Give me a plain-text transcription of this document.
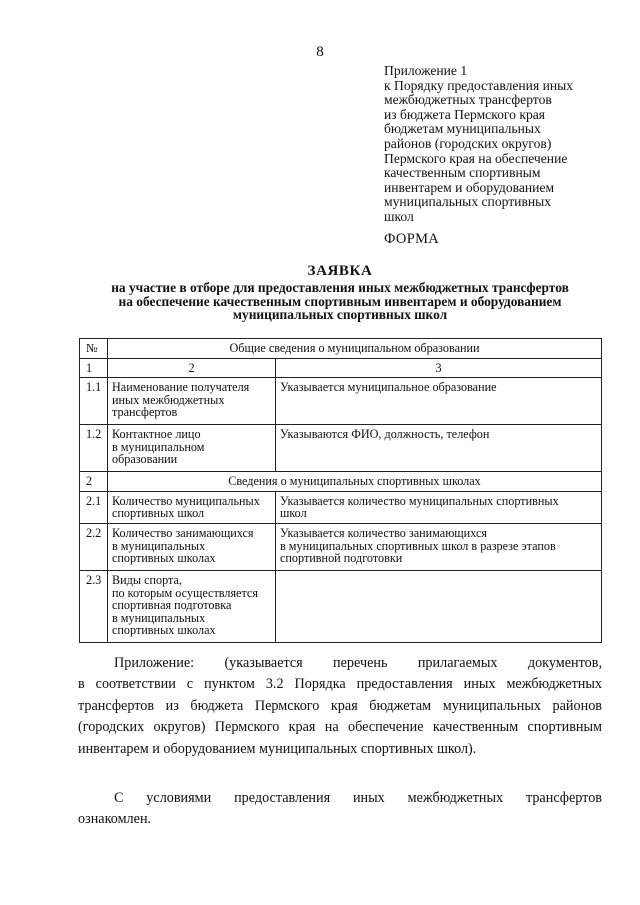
8
Приложение 1
к Порядку предоставления иных
межбюджетных трансфертов
из бюджета Пермского края
бюджетам муниципальных
районов (городских округов)
Пермского края на обеспечение
качественным спортивным
инвентарем и оборудованием
муниципальных спортивных
школ
ФОРМА
ЗАЯВКА
на участие в отборе для предоставления иных межбюджетных трансфертов
на обеспечение качественным спортивным инвентарем и оборудованием
муниципальных спортивных школ
№	Общие сведения о муниципальном образовании	
1	2	3
1.1	Наименование получателя
иных межбюджетных
трансфертов	Указывается муниципальное образование

1.2	Контактное лицо
в муниципальном
образовании	Указываются ФИО, должность, телефон

2	Сведения о муниципальных спортивных школах	
2.1	Количество муниципальных
спортивных школ	Указывается количество муниципальных спортивных
школ

2.2	Количество занимающихся
в муниципальных
спортивных школах	Указывается количество занимающихся
в муниципальных спортивных школ в разрезе этапов
спортивной подготовки

2.3	Виды спорта,
по которым осуществляется
спортивная подготовка
в муниципальных
спортивных школах	

Приложение: (указывается перечень прилагаемых документов,
в соответствии с пунктом 3.2 Порядка предоставления иных межбюджетных
трансфертов из бюджета Пермского края бюджетам муниципальных районов
(городских округов) Пермского края на обеспечение качественным спортивным
инвентарем и оборудованием муниципальных спортивных школ).
С условиями предоставления иных межбюджетных трансфертов
ознакомлен.
